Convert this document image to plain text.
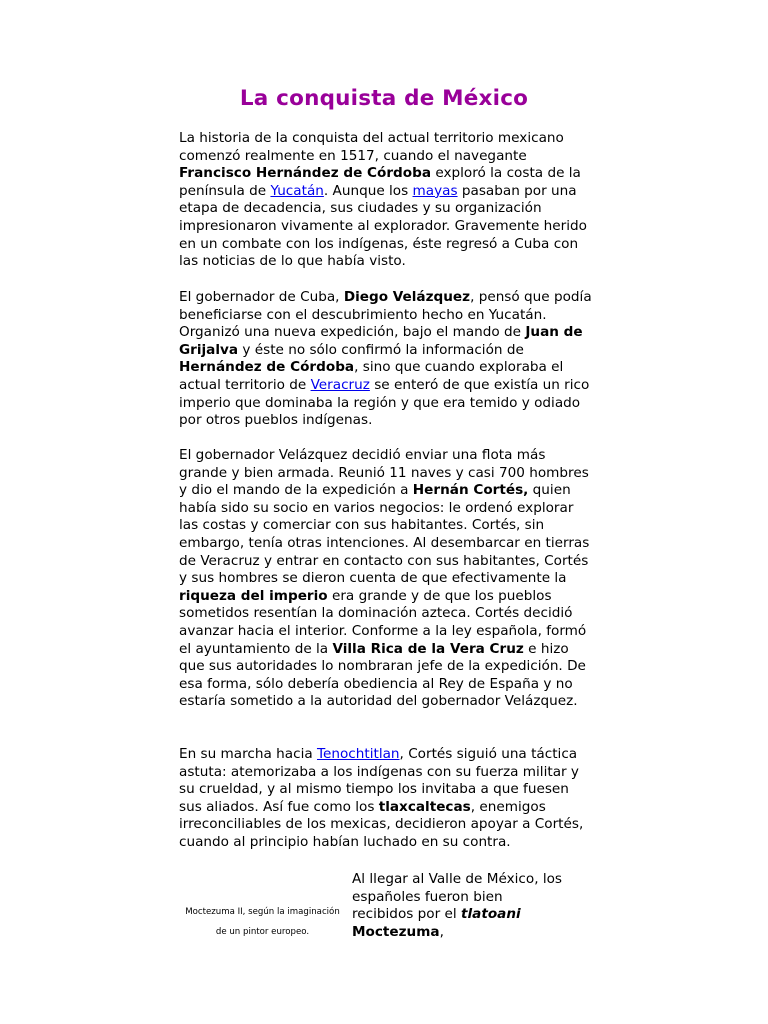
La conquista de México

La historia de la conquista del actual territorio mexicano comenzó realmente en 1517, cuando el navegante Francisco Hernández de Córdoba exploró la costa de la península de Yucatán. Aunque los mayas pasaban por una etapa de decadencia, sus ciudades y su organización impresionaron vivamente al explorador. Gravemente herido en un combate con los indígenas, éste regresó a Cuba con las noticias de lo que había visto.

El gobernador de Cuba, Diego Velázquez, pensó que podía beneficiarse con el descubrimiento hecho en Yucatán. Organizó una nueva expedición, bajo el mando de Juan de Grijalva y éste no sólo confirmó la información de Hernández de Córdoba, sino que cuando exploraba el actual territorio de Veracruz se enteró de que existía un rico imperio que dominaba la región y que era temido y odiado por otros pueblos indígenas.

El gobernador Velázquez decidió enviar una flota más grande y bien armada. Reunió 11 naves y casi 700 hombres y dio el mando de la expedición a Hernán Cortés, quien había sido su socio en varios negocios: le ordenó explorar las costas y comerciar con sus habitantes. Cortés, sin embargo, tenía otras intenciones. Al desembarcar en tierras de Veracruz y entrar en contacto con sus habitantes, Cortés y sus hombres se dieron cuenta de que efectivamente la riqueza del imperio era grande y de que los pueblos sometidos resentían la dominación azteca. Cortés decidió avanzar hacia el interior. Conforme a la ley española, formó el ayuntamiento de la Villa Rica de la Vera Cruz e hizo que sus autoridades lo nombraran jefe de la expedición. De esa forma, sólo debería obediencia al Rey de España y no estaría sometido a la autoridad del gobernador Velázquez.

En su marcha hacia Tenochtitlan, Cortés siguió una táctica astuta: atemorizaba a los indígenas con su fuerza militar y su crueldad, y al mismo tiempo los invitaba a que fuesen sus aliados. Así fue como los tlaxcaltecas, enemigos irreconciliables de los mexicas, decidieron apoyar a Cortés, cuando al principio habían luchado en su contra.

Moctezuma II, según la imaginación
de un pintor europeo.

Al llegar al Valle de México, los españoles fueron bien recibidos por el tlatoani Moctezuma,
